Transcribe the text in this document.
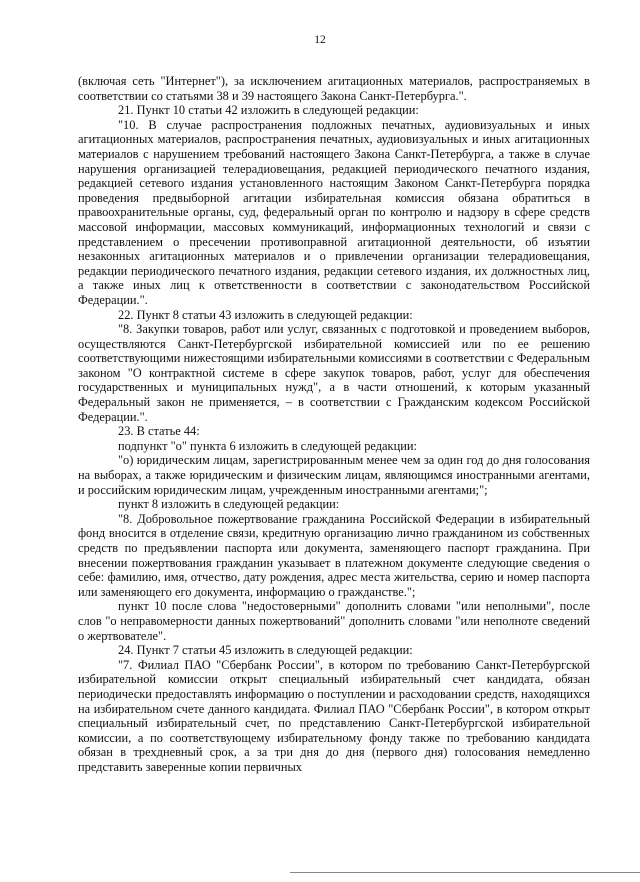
12

(включая сеть "Интернет"), за исключением агитационных материалов, распространяемых в соответствии со статьями 38 и 39 настоящего Закона Санкт-Петербурга.".

21. Пункт 10 статьи 42 изложить в следующей редакции:

"10. В случае распространения подложных печатных, аудиовизуальных и иных агитационных материалов, распространения печатных, аудиовизуальных и иных агитационных материалов с нарушением требований настоящего Закона Санкт-Петербурга, а также в случае нарушения организацией телерадиовещания, редакцией периодического печатного издания, редакцией сетевого издания установленного настоящим Законом Санкт-Петербурга порядка проведения предвыборной агитации избирательная комиссия обязана обратиться в правоохранительные органы, суд, федеральный орган по контролю и надзору в сфере средств массовой информации, массовых коммуникаций, информационных технологий и связи с представлением о пресечении противоправной агитационной деятельности, об изъятии незаконных агитационных материалов и о привлечении организации телерадиовещания, редакции периодического печатного издания, редакции сетевого издания, их должностных лиц, а также иных лиц к ответственности в соответствии с законодательством Российской Федерации.".

22. Пункт 8 статьи 43 изложить в следующей редакции:

"8. Закупки товаров, работ или услуг, связанных с подготовкой и проведением выборов, осуществляются Санкт-Петербургской избирательной комиссией или по ее решению соответствующими нижестоящими избирательными комиссиями в соответствии с Федеральным законом "О контрактной системе в сфере закупок товаров, работ, услуг для обеспечения государственных и муниципальных нужд", а в части отношений, к которым указанный Федеральный закон не применяется, – в соответствии с Гражданским кодексом Российской Федерации.".

23. В статье 44:

подпункт "о" пункта 6 изложить в следующей редакции:

"о) юридическим лицам, зарегистрированным менее чем за один год до дня голосования на выборах, а также юридическим и физическим лицам, являющимся иностранными агентами, и российским юридическим лицам, учрежденным иностранными агентами;";

пункт 8 изложить в следующей редакции:

"8. Добровольное пожертвование гражданина Российской Федерации в избирательный фонд вносится в отделение связи, кредитную организацию лично гражданином из собственных средств по предъявлении паспорта или документа, заменяющего паспорт гражданина. При внесении пожертвования гражданин указывает в платежном документе следующие сведения о себе: фамилию, имя, отчество, дату рождения, адрес места жительства, серию и номер паспорта или заменяющего его документа, информацию о гражданстве.";

пункт 10 после слова "недостоверными" дополнить словами "или неполными", после слов "о неправомерности данных пожертвований" дополнить словами "или неполноте сведений о жертвователе".

24. Пункт 7 статьи 45 изложить в следующей редакции:

"7. Филиал ПАО "Сбербанк России", в котором по требованию Санкт-Петербургской избирательной комиссии открыт специальный избирательный счет кандидата, обязан периодически предоставлять информацию о поступлении и расходовании средств, находящихся на избирательном счете данного кандидата. Филиал ПАО "Сбербанк России", в котором открыт специальный избирательный счет, по представлению Санкт-Петербургской избирательной комиссии, а по соответствующему избирательному фонду также по требованию кандидата обязан в трехдневный срок, а за три дня до дня (первого дня) голосования немедленно представить заверенные копии первичных
